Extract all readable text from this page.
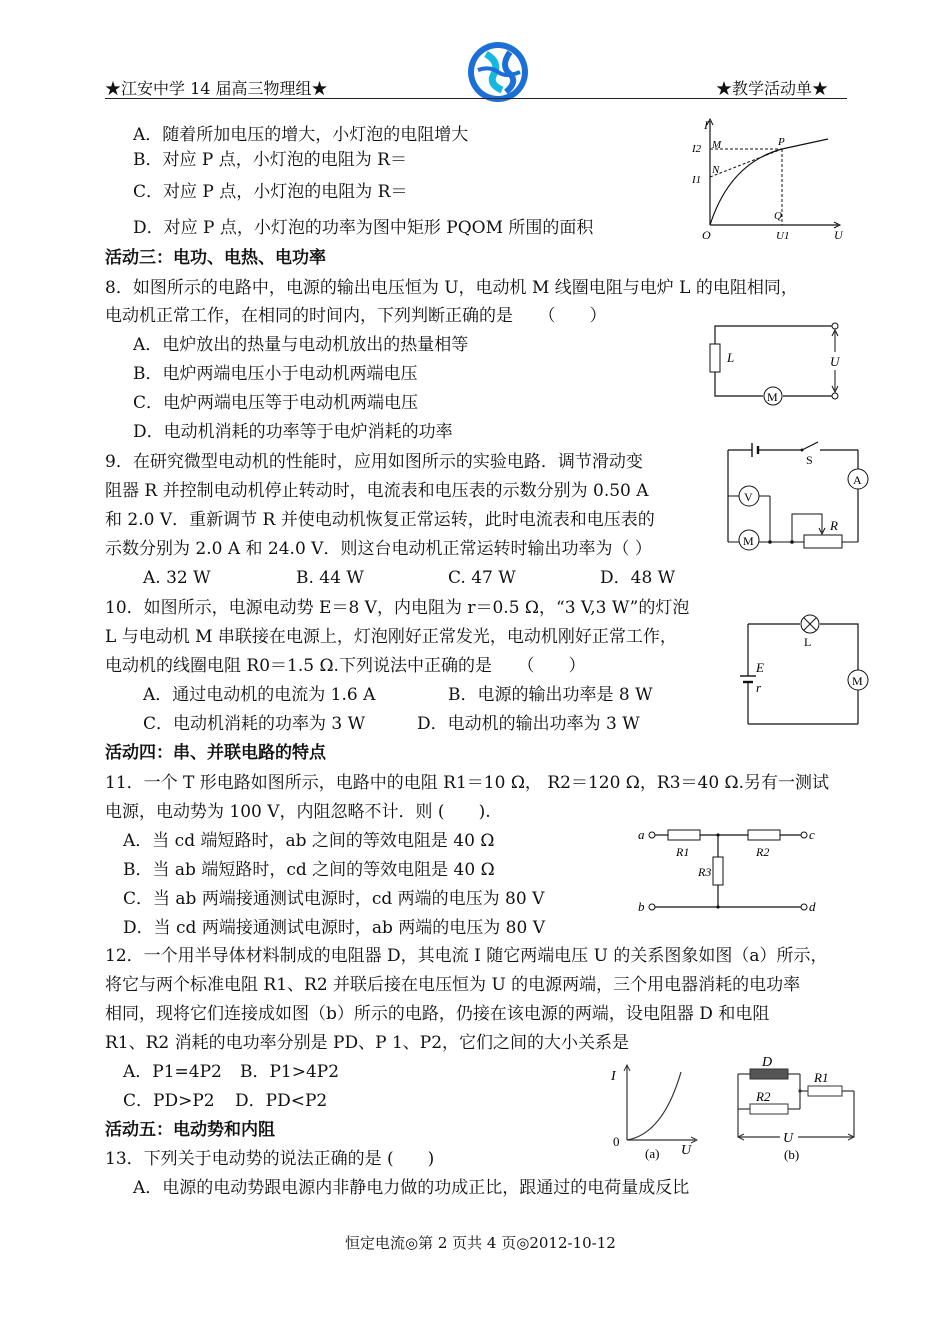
★江安中学 14 届高三物理组★	★教学活动单★
A．随着所加电压的增大，小灯泡的电阻增大
B．对应 P 点，小灯泡的电阻为 R＝
C．对应 P 点，小灯泡的电阻为 R＝
D．对应 P 点，小灯泡的功率为图中矩形 PQOM 所围的面积
I
I2
I1
M
N
P
Q
O	U1	U
活动三：电功、电热、电功率
8．如图所示的电路中，电源的输出电压恒为 U，电动机 M 线圈电阻与电炉 L 的电阻相同，
电动机正常工作，在相同的时间内，下列判断正确的是　　（　　）
A．电炉放出的热量与电动机放出的热量相等
B．电炉两端电压小于电动机两端电压
C．电炉两端电压等于电动机两端电压
D．电动机消耗的功率等于电炉消耗的功率
L	U
M
9．在研究微型电动机的性能时，应用如图所示的实验电路．调节滑动变
阻器 R 并控制电动机停止转动时，电流表和电压表的示数分别为 0.50 A
和 2.0 V．重新调节 R 并使电动机恢复正常运转，此时电流表和电压表的
示数分别为 2.0 A 和 24.0 V．则这台电动机正常运转时输出功率为（ ）
A. 32 W	B. 44 W	C. 47 W	D．48 W
S
A
V
M
R
10．如图所示，电源电动势 E＝8 V，内电阻为 r＝0.5 Ω，“3 V,3 W”的灯泡
L 与电动机 M 串联接在电源上，灯泡刚好正常发光，电动机刚好正常工作，
电动机的线圈电阻 R0＝1.5 Ω.下列说法中正确的是　　（　　）
A．通过电动机的电流为 1.6 A	B．电源的输出功率是 8 W
C．电动机消耗的功率为 3 W	D．电动机的输出功率为 3 W
L
E
r	M
活动四：串、并联电路的特点
11．一个 T 形电路如图所示，电路中的电阻 R1＝10 Ω， R2＝120 Ω，R3＝40 Ω.另有一测试
电源，电动势为 100 V，内阻忽略不计．则 (　　).
A．当 cd 端短路时，ab 之间的等效电阻是 40 Ω
B．当 ab 端短路时，cd 之间的等效电阻是 40 Ω
C．当 ab 两端接通测试电源时，cd 两端的电压为 80 V
D．当 cd 两端接通测试电源时，ab 两端的电压为 80 V
a
b
c
d
R1	R2
R3
12．一个用半导体材料制成的电阻器 D，其电流 I 随它两端电压 U 的关系图象如图（a）所示，
将它与两个标准电阻 R1、R2 并联后接在电压恒为 U 的电源两端，三个用电器消耗的电功率
相同，现将它们连接成如图（b）所示的电路，仍接在该电源的两端，设电阻器 D 和电阻
R1、R2 消耗的电功率分别是 PD、P 1、P2，它们之间的大小关系是
A．P1=4P2 B．P1>4P2
C．PD>P2 D．PD<P2
I
0
U
(a)
D
R2
R1
U
(b)
活动五：电动势和内阻
13．下列关于电动势的说法正确的是 (　　)
A．电源的电动势跟电源内非静电力做的功成正比，跟通过的电荷量成反比
恒定电流◎第 2 页共 4 页◎2012-10-12
